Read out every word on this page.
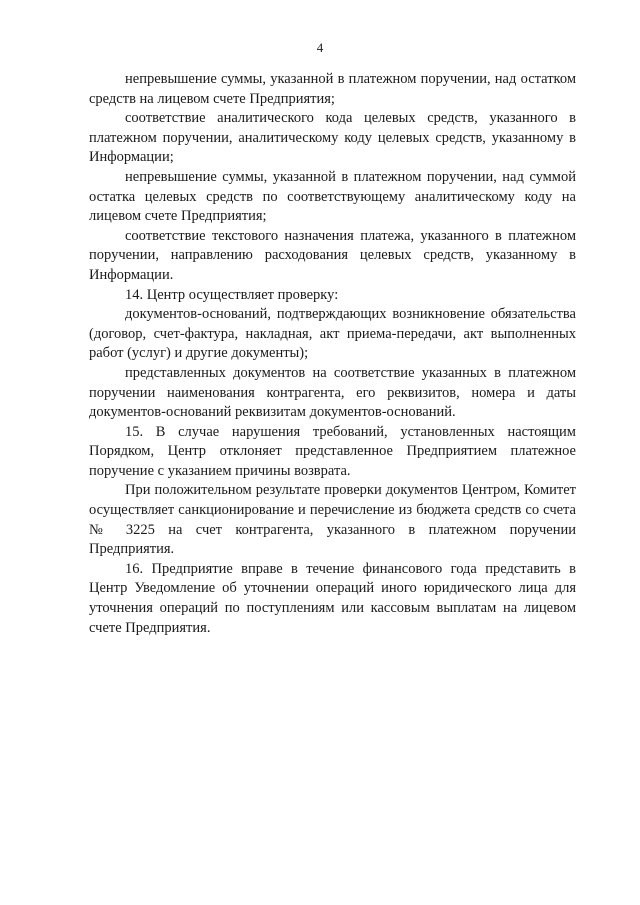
4

непревышение суммы, указанной в платежном поручении, над остатком средств на лицевом счете Предприятия;

соответствие аналитического кода целевых средств, указанного в платежном поручении, аналитическому коду целевых средств, указанному в Информации;

непревышение суммы, указанной в платежном поручении, над суммой остатка целевых средств по соответствующему аналитическому коду на лицевом счете Предприятия;

соответствие текстового назначения платежа, указанного в платежном поручении, направлению расходования целевых средств, указанному в Информации.

14. Центр осуществляет проверку:

документов-оснований, подтверждающих возникновение обязательства (договор, счет-фактура, накладная, акт приема-передачи, акт выполненных работ (услуг) и другие документы);

представленных документов на соответствие указанных в платежном поручении наименования контрагента, его реквизитов, номера и даты документов-оснований реквизитам документов-оснований.

15. В случае нарушения требований, установленных настоящим Порядком, Центр отклоняет представленное Предприятием платежное поручение с указанием причины возврата.

При положительном результате проверки документов Центром, Комитет осуществляет санкционирование и перечисление из бюджета средств со счета № 3225 на счет контрагента, указанного в платежном поручении Предприятия.

16. Предприятие вправе в течение финансового года представить в Центр Уведомление об уточнении операций иного юридического лица для уточнения операций по поступлениям или кассовым выплатам на лицевом счете Предприятия.
